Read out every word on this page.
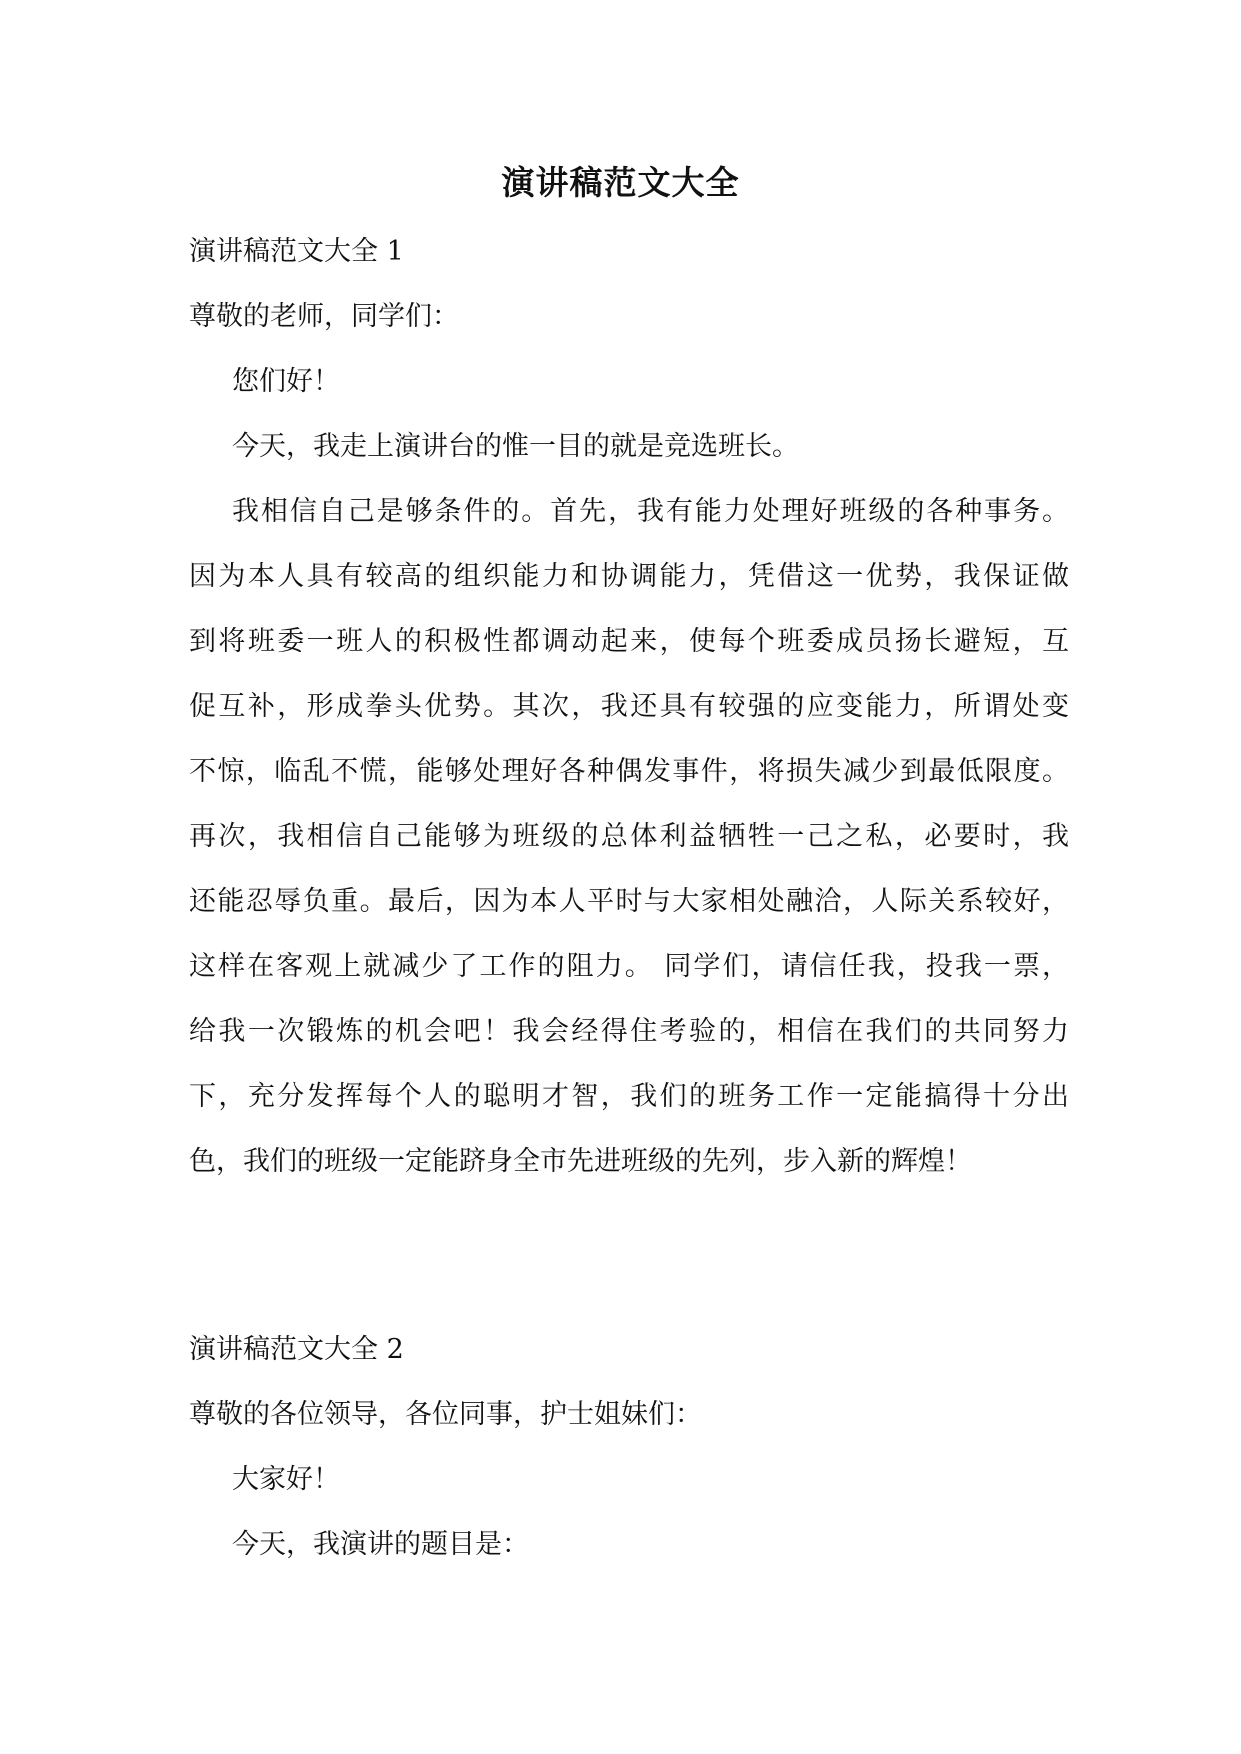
演讲稿范文大全
演讲稿范文大全 1
尊敬的老师，同学们：
您们好！
今天，我走上演讲台的惟一目的就是竞选班长。
我相信自己是够条件的。首先，我有能力处理好班级的各种事务。
因为本人具有较高的组织能力和协调能力，凭借这一优势，我保证做
到将班委一班人的积极性都调动起来，使每个班委成员扬长避短，互
促互补，形成拳头优势。其次，我还具有较强的应变能力，所谓处变
不惊，临乱不慌，能够处理好各种偶发事件，将损失减少到最低限度。
再次，我相信自己能够为班级的总体利益牺牲一己之私，必要时，我
还能忍辱负重。最后，因为本人平时与大家相处融洽，人际关系较好，
这样在客观上就减少了工作的阻力。 同学们，请信任我，投我一票，
给我一次锻炼的机会吧！我会经得住考验的，相信在我们的共同努力
下，充分发挥每个人的聪明才智，我们的班务工作一定能搞得十分出
色，我们的班级一定能跻身全市先进班级的先列，步入新的辉煌！
演讲稿范文大全 2
尊敬的各位领导，各位同事，护士姐妹们：
大家好！
今天，我演讲的题目是：
